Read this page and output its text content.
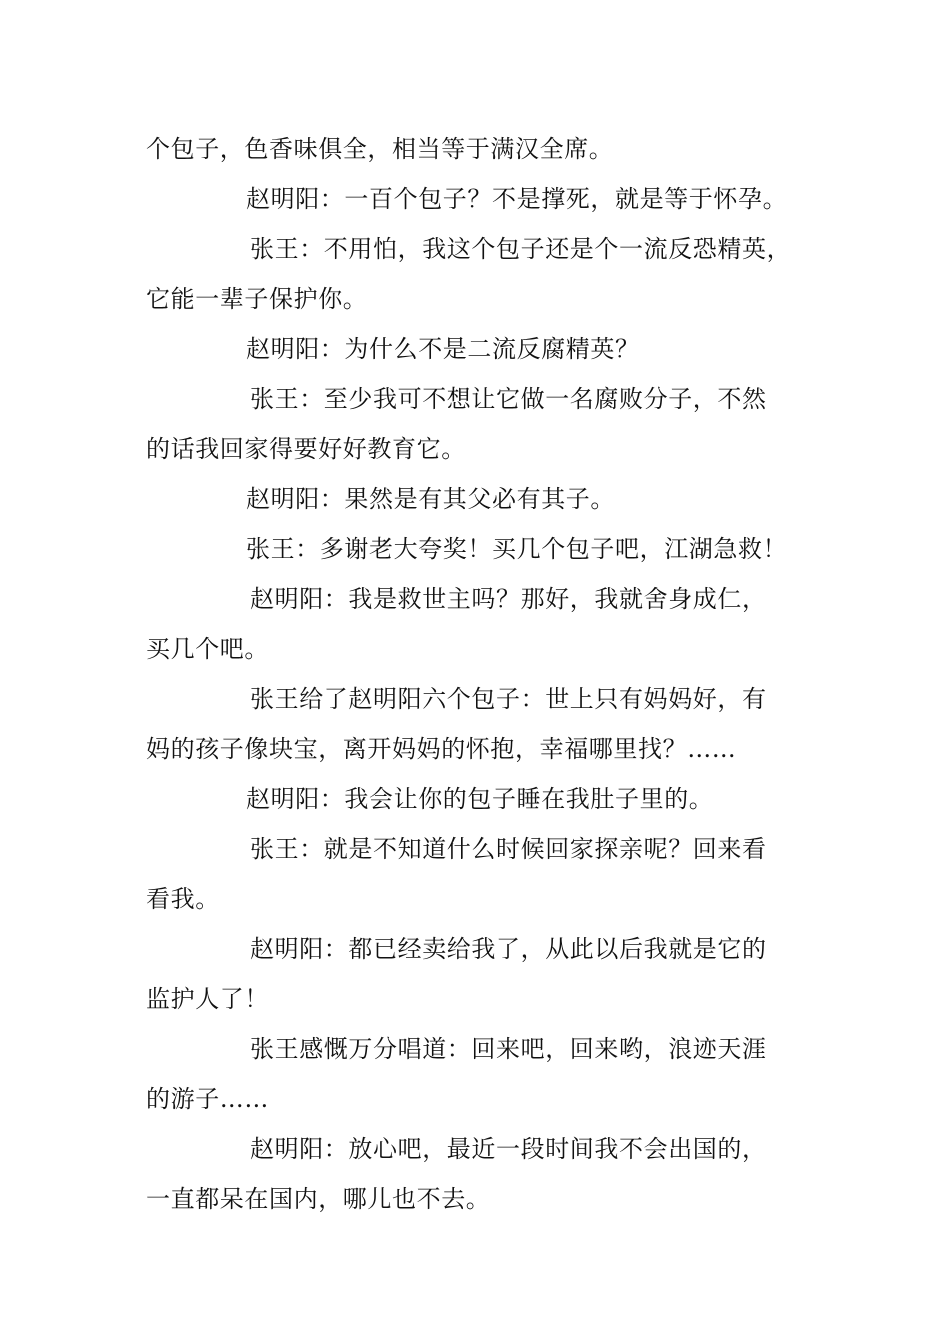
个包子，色香味俱全，相当等于满汉全席。
赵明阳：一百个包子？不是撑死，就是等于怀孕。
张王：不用怕，我这个包子还是个一流反恐精英，
它能一辈子保护你。
赵明阳：为什么不是二流反腐精英？
张王：至少我可不想让它做一名腐败分子，不然
的话我回家得要好好教育它。
赵明阳：果然是有其父必有其子。
张王：多谢老大夸奖！买几个包子吧，江湖急救！
赵明阳：我是救世主吗？那好，我就舍身成仁，
买几个吧。
张王给了赵明阳六个包子：世上只有妈妈好，有
妈的孩子像块宝，离开妈妈的怀抱，幸福哪里找？……
赵明阳：我会让你的包子睡在我肚子里的。
张王：就是不知道什么时候回家探亲呢？回来看
看我。
赵明阳：都已经卖给我了，从此以后我就是它的
监护人了！
张王感慨万分唱道：回来吧，回来哟，浪迹天涯
的游子……
赵明阳：放心吧，最近一段时间我不会出国的，
一直都呆在国内，哪儿也不去。
